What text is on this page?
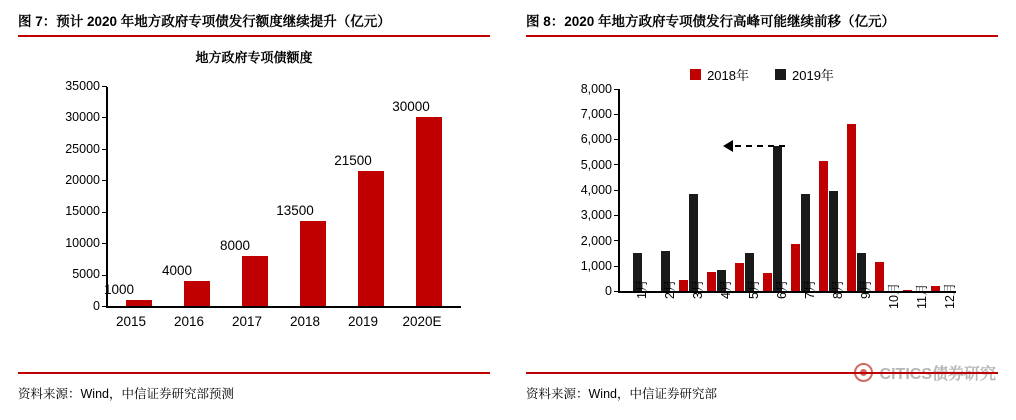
图 7：预计 2020 年地方政府专项债发行额度继续提升（亿元）
地方政府专项债额度
0
5000
10000
15000
20000
25000
30000
35000
1000
4000
8000
13500
21500
30000
2015	2016	2017	2018	2019	2020E
资料来源：Wind，中信证券研究部预测
图 8：2020 年地方政府专项债发行高峰可能继续前移（亿元）
2018年	2019年
0
1,000
2,000
3,000
4,000
5,000
6,000
7,000
8,000
1月 2月 3月 4月 5月 6月 7月 8月 9月 10月 11月 12月
CITICS债券研究
资料来源：Wind，中信证券研究部
